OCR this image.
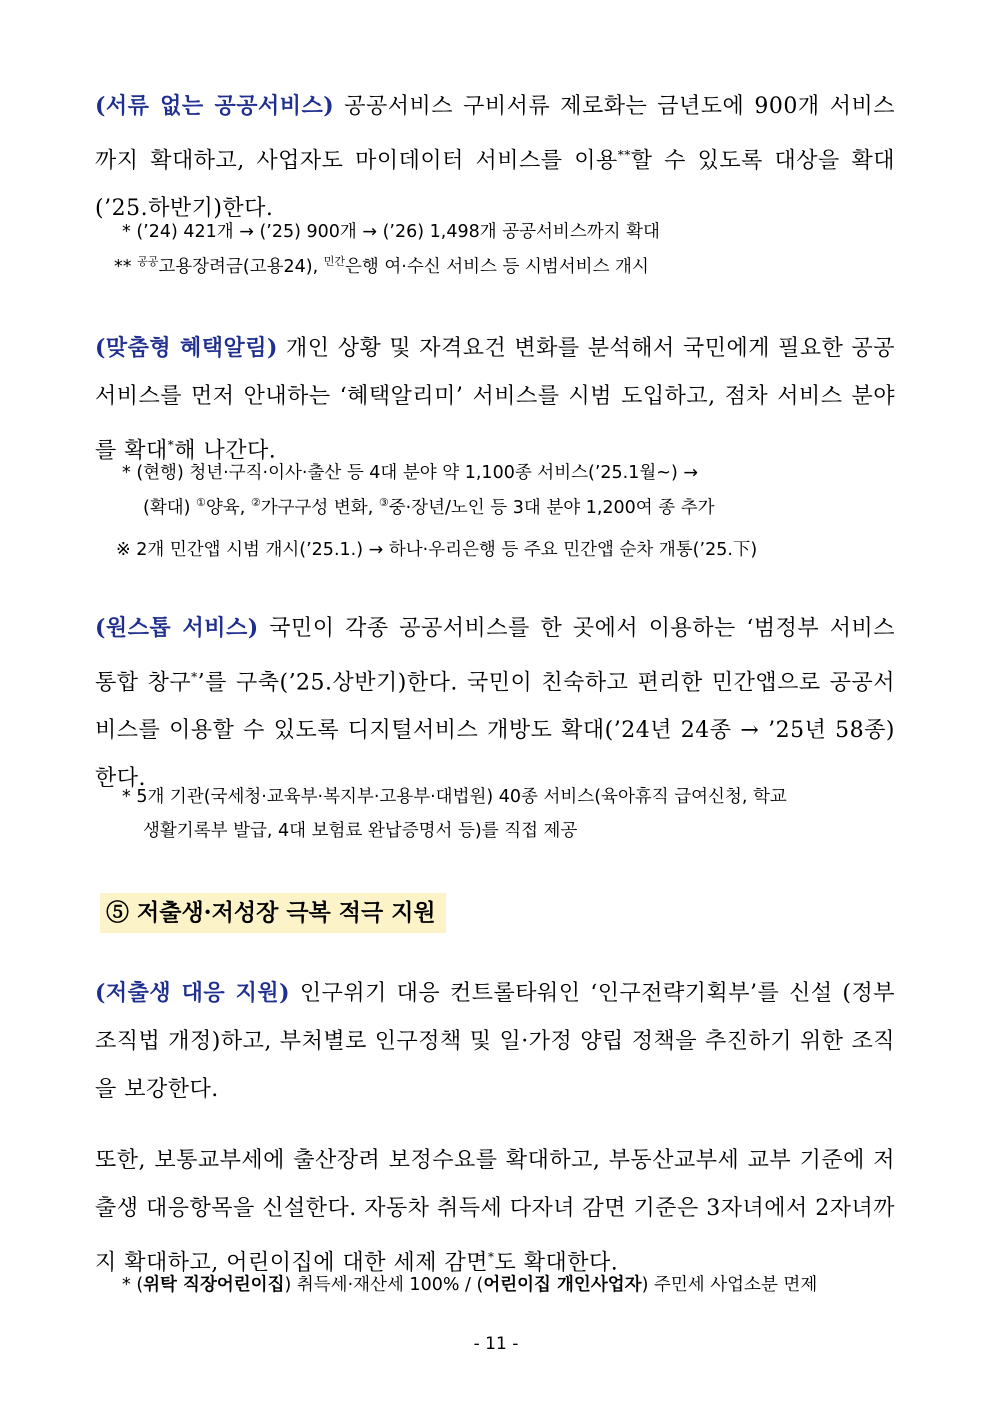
(서류 없는 공공서비스) 공공서비스 구비서류 제로화는 금년도에 900개 서비스까지 확대하고, 사업자도 마이데이터 서비스를 이용**할 수 있도록 대상을 확대(’25.하반기)한다.
* (’24) 421개 → (’25) 900개 → (’26) 1,498개 공공서비스까지 확대
** $^{공공}$고용장려금(고용24), $^{민간}$은행 여·수신 서비스 등 시범서비스 개시
(맞춤형 혜택알림) 개인 상황 및 자격요건 변화를 분석해서 국민에게 필요한 공공서비스를 먼저 안내하는 ‘혜택알리미’ 서비스를 시범 도입하고, 점차 서비스 분야를 확대*해 나간다.
* (현행) 청년·구직·이사·출산 등 4대 분야 약 1,100종 서비스(’25.1월~) →
(확대) ①양육, ②가구구성 변화, ③중·장년/노인 등 3대 분야 1,200여 종 추가
※ 2개 민간앱 시범 개시(’25.1.) → 하나·우리은행 등 주요 민간앱 순차 개통(’25.下)
(원스톱 서비스) 국민이 각종 공공서비스를 한 곳에서 이용하는 ‘범정부 서비스 통합 창구*’를 구축(’25.상반기)한다. 국민이 친숙하고 편리한 민간앱으로 공공서비스를 이용할 수 있도록 디지털서비스 개방도 확대(’24년 24종 → ’25년 58종)한다.
* 5개 기관(국세청·교육부·복지부·고용부·대법원) 40종 서비스(육아휴직 급여신청, 학교
생활기록부 발급, 4대 보험료 완납증명서 등)를 직접 제공
⑤ 저출생·저성장 극복 적극 지원
(저출생 대응 지원) 인구위기 대응 컨트롤타워인 ‘인구전략기획부’를 신설 (정부조직법 개정)하고, 부처별로 인구정책 및 일·가정 양립 정책을 추진하기 위한 조직을 보강한다.
또한, 보통교부세에 출산장려 보정수요를 확대하고, 부동산교부세 교부 기준에 저출생 대응항목을 신설한다. 자동차 취득세 다자녀 감면 기준은 3자녀에서 2자녀까지 확대하고, 어린이집에 대한 세제 감면*도 확대한다.
* (위탁 직장어린이집) 취득세·재산세 100% / (어린이집 개인사업자) 주민세 사업소분 면제
- 11 -
